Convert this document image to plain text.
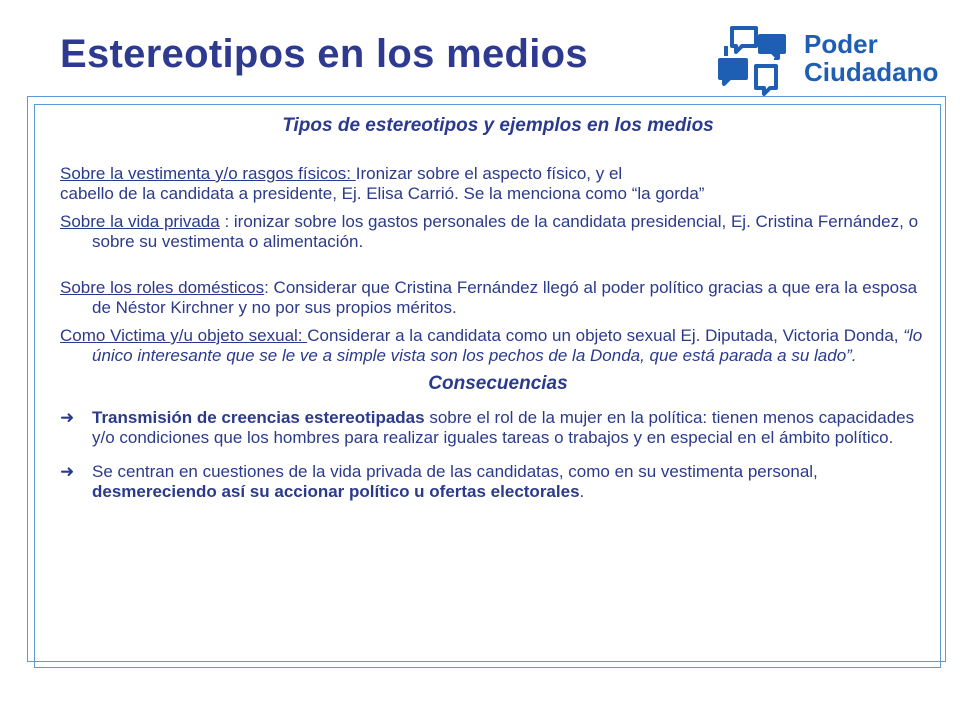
Estereotipos en los medios	Poder
Ciudadano
Tipos de estereotipos y ejemplos en los medios
Sobre la vestimenta y/o rasgos físicos: Ironizar sobre el aspecto físico, y el
cabello de la candidata a presidente, Ej. Elisa Carrió. Se la menciona como “la gorda”
Sobre la vida privada : ironizar sobre los gastos personales de la candidata presidencial, Ej. Cristina Fernández, o sobre su vestimenta o alimentación.
Sobre los roles domésticos: Considerar que Cristina Fernández llegó al poder político gracias a que era la esposa de Néstor Kirchner y no por sus propios méritos.
Como Victima y/u objeto sexual: Considerar a la candidata como un objeto sexual Ej. Diputada, Victoria Donda, “lo único interesante que se le ve a simple vista son los pechos de la Donda, que está parada a su lado”.
Consecuencias
➜	Transmisión de creencias estereotipadas sobre el rol de la mujer en la política: tienen menos capacidades y/o condiciones que los hombres para realizar iguales tareas o trabajos y en especial en el ámbito político.
➜	Se centran en cuestiones de la vida privada de las candidatas, como en su vestimenta personal, desmereciendo así su accionar político u ofertas electorales.
